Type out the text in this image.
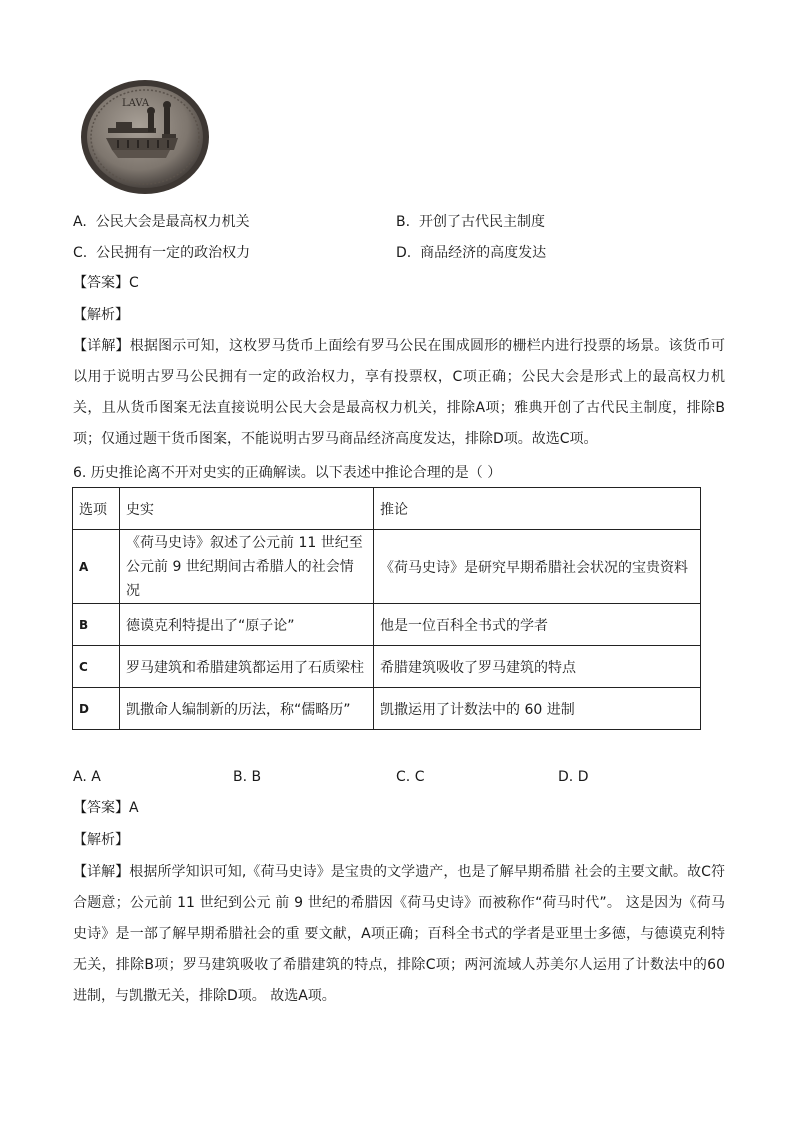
LAVA
A. 公民大会是最高权力机关	B. 开创了古代民主制度
C. 公民拥有一定的政治权力	D. 商品经济的高度发达
【答案】C
【解析】
【详解】根据图示可知，这枚罗马货币上面绘有罗马公民在围成圆形的栅栏内进行投票的场景。该货币可以用于说明古罗马公民拥有一定的政治权力，享有投票权，C项正确；公民大会是形式上的最高权力机关，且从货币图案无法直接说明公民大会是最高权力机关，排除A项；雅典开创了古代民主制度，排除B项；仅通过题干货币图案，不能说明古罗马商品经济高度发达，排除D项。故选C项。
6. 历史推论离不开对史实的正确解读。以下表述中推论合理的是（ ）
选项	史实	推论
A	《荷马史诗》叙述了公元前 11 世纪至
公元前 9 世纪期间古希腊人的社会情况	《荷马史诗》是研究早期希腊社会状况的宝贵资料
B	德谟克利特提出了“原子论”	他是一位百科全书式的学者
C	罗马建筑和希腊建筑都运用了石质梁柱	希腊建筑吸收了罗马建筑的特点
D	凯撒命人编制新的历法，称“儒略历”	凯撒运用了计数法中的 60 进制
A. A	B. B	C. C	D. D
【答案】A
【解析】
【详解】根据所学知识可知,《荷马史诗》是宝贵的文学遗产，也是了解早期希腊 社会的主要文献。故C符合题意；公元前 11 世纪到公元 前 9 世纪的希腊因《荷马史诗》而被称作“荷马时代”。 这是因为《荷马史诗》是一部了解早期希腊社会的重 要文献，A项正确；百科全书式的学者是亚里士多德，与德谟克利特无关，排除B项；罗马建筑吸收了希腊建筑的特点，排除C项；两河流域人苏美尔人运用了计数法中的60进制，与凯撒无关，排除D项。 故选A项。
